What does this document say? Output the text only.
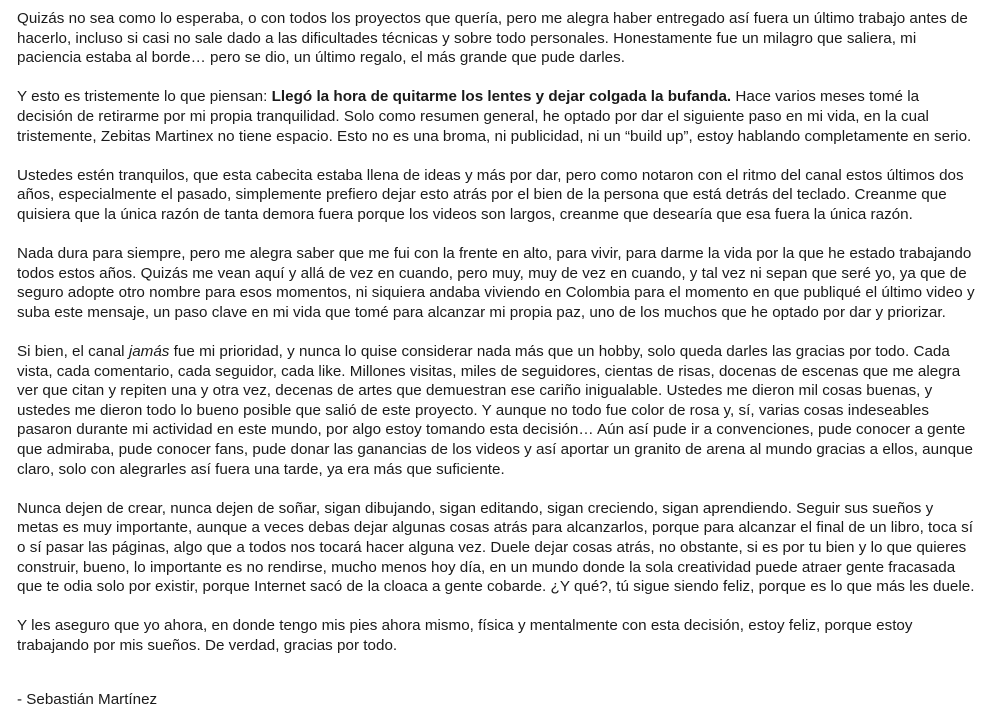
Quizás no sea como lo esperaba, o con todos los proyectos que quería, pero me alegra haber entregado así fuera un último trabajo antes de hacerlo, incluso si casi no sale dado a las dificultades técnicas y sobre todo personales. Honestamente fue un milagro que saliera, mi paciencia estaba al borde… pero se dio, un último regalo, el más grande que pude darles.

Y esto es tristemente lo que piensan: Llegó la hora de quitarme los lentes y dejar colgada la bufanda. Hace varios meses tomé la decisión de retirarme por mi propia tranquilidad. Solo como resumen general, he optado por dar el siguiente paso en mi vida, en la cual tristemente, Zebitas Martinex no tiene espacio. Esto no es una broma, ni publicidad, ni un “build up”, estoy hablando completamente en serio.

Ustedes estén tranquilos, que esta cabecita estaba llena de ideas y más por dar, pero como notaron con el ritmo del canal estos últimos dos años, especialmente el pasado, simplemente prefiero dejar esto atrás por el bien de la persona que está detrás del teclado. Creanme que quisiera que la única razón de tanta demora fuera porque los videos son largos, creanme que desearía que esa fuera la única razón.

Nada dura para siempre, pero me alegra saber que me fui con la frente en alto, para vivir, para darme la vida por la que he estado trabajando todos estos años. Quizás me vean aquí y allá de vez en cuando, pero muy, muy de vez en cuando, y tal vez ni sepan que seré yo, ya que de seguro adopte otro nombre para esos momentos, ni siquiera andaba viviendo en Colombia para el momento en que publiqué el último video y suba este mensaje, un paso clave en mi vida que tomé para alcanzar mi propia paz, uno de los muchos que he optado por dar y priorizar.

Si bien, el canal jamás fue mi prioridad, y nunca lo quise considerar nada más que un hobby, solo queda darles las gracias por todo. Cada vista, cada comentario, cada seguidor, cada like. Millones visitas, miles de seguidores, cientas de risas, docenas de escenas que me alegra ver que citan y repiten una y otra vez, decenas de artes que demuestran ese cariño inigualable. Ustedes me dieron mil cosas buenas, y ustedes me dieron todo lo bueno posible que salió de este proyecto. Y aunque no todo fue color de rosa y, sí, varias cosas indeseables pasaron durante mi actividad en este mundo, por algo estoy tomando esta decisión… Aún así pude ir a convenciones, pude conocer a gente que admiraba, pude conocer fans, pude donar las ganancias de los videos y así aportar un granito de arena al mundo gracias a ellos, aunque claro, solo con alegrarles así fuera una tarde, ya era más que suficiente.

Nunca dejen de crear, nunca dejen de soñar, sigan dibujando, sigan editando, sigan creciendo, sigan aprendiendo. Seguir sus sueños y metas es muy importante, aunque a veces debas dejar algunas cosas atrás para alcanzarlos, porque para alcanzar el final de un libro, toca sí o sí pasar las páginas, algo que a todos nos tocará hacer alguna vez. Duele dejar cosas atrás, no obstante, si es por tu bien y lo que quieres construir, bueno, lo importante es no rendirse, mucho menos hoy día, en un mundo donde la sola creatividad puede atraer gente fracasada que te odia solo por existir, porque Internet sacó de la cloaca a gente cobarde. ¿Y qué?, tú sigue siendo feliz, porque es lo que más les duele.

Y les aseguro que yo ahora, en donde tengo mis pies ahora mismo, física y mentalmente con esta decisión, estoy feliz, porque estoy trabajando por mis sueños. De verdad, gracias por todo.

- Sebastián Martínez
